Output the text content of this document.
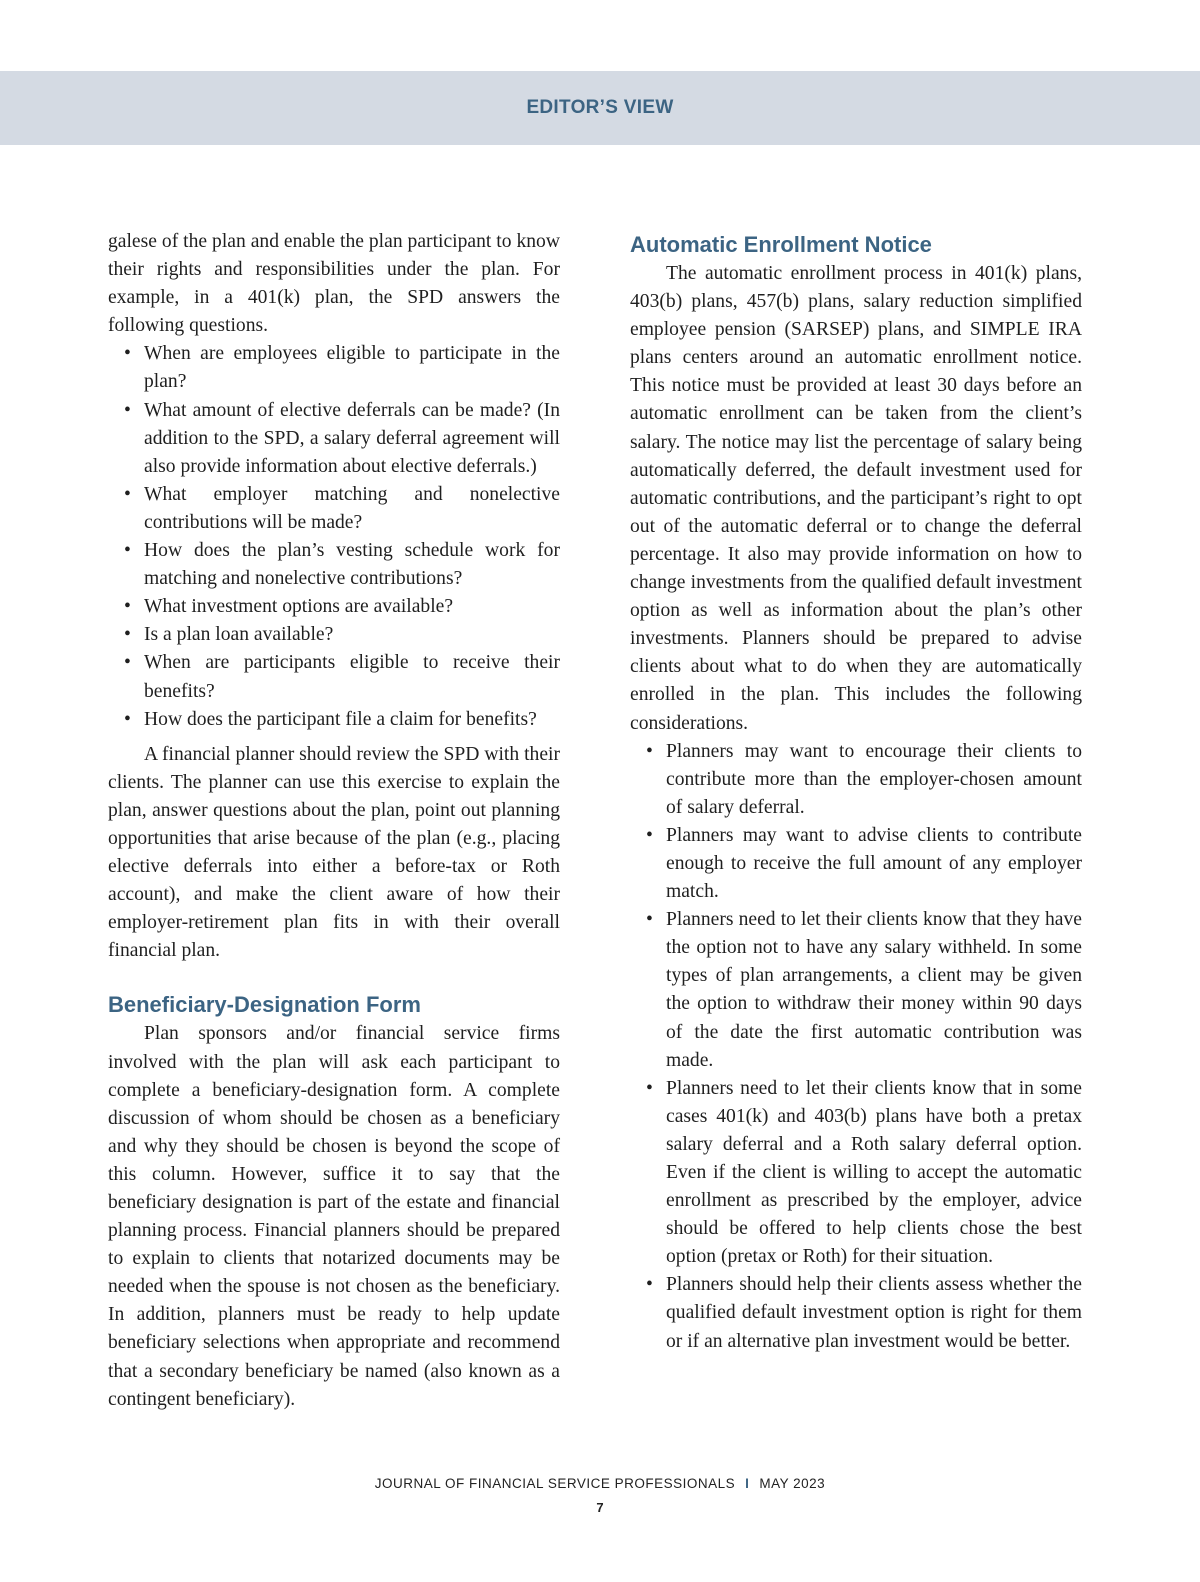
EDITOR’S VIEW

galese of the plan and enable the plan participant to know their rights and responsibilities under the plan. For example, in a 401(k) plan, the SPD answers the following questions.

• When are employees eligible to participate in the plan?
• What amount of elective deferrals can be made? (In addition to the SPD, a salary deferral agreement will also provide information about elective deferrals.)
• What employer matching and nonelective contributions will be made?
• How does the plan’s vesting schedule work for matching and nonelective contributions?
• What investment options are available?
• Is a plan loan available?
• When are participants eligible to receive their benefits?
• How does the participant file a claim for benefits?

A financial planner should review the SPD with their clients. The planner can use this exercise to explain the plan, answer questions about the plan, point out planning opportunities that arise because of the plan (e.g., placing elective deferrals into either a before-tax or Roth account), and make the client aware of how their employer-retirement plan fits in with their overall financial plan.

Beneficiary-Designation Form

Plan sponsors and/or financial service firms involved with the plan will ask each participant to complete a beneficiary-designation form. A complete discussion of whom should be chosen as a beneficiary and why they should be chosen is beyond the scope of this column. However, suffice it to say that the beneficiary designation is part of the estate and financial planning process. Financial planners should be prepared to explain to clients that notarized documents may be needed when the spouse is not chosen as the beneficiary. In addition, planners must be ready to help update beneficiary selections when appropriate and recommend that a secondary beneficiary be named (also known as a contingent beneficiary).

Automatic Enrollment Notice

The automatic enrollment process in 401(k) plans, 403(b) plans, 457(b) plans, salary reduction simplified employee pension (SARSEP) plans, and SIMPLE IRA plans centers around an automatic enrollment notice. This notice must be provided at least 30 days before an automatic enrollment can be taken from the client’s salary. The notice may list the percentage of salary being automatically deferred, the default investment used for automatic contributions, and the participant’s right to opt out of the automatic deferral or to change the deferral percentage. It also may provide information on how to change investments from the qualified default investment option as well as information about the plan’s other investments. Planners should be prepared to advise clients about what to do when they are automatically enrolled in the plan. This includes the following considerations.

• Planners may want to encourage their clients to contribute more than the employer-chosen amount of salary deferral.
• Planners may want to advise clients to contribute enough to receive the full amount of any employer match.
• Planners need to let their clients know that they have the option not to have any salary withheld. In some types of plan arrangements, a client may be given the option to withdraw their money within 90 days of the date the first automatic contribution was made.
• Planners need to let their clients know that in some cases 401(k) and 403(b) plans have both a pretax salary deferral and a Roth salary deferral option. Even if the client is willing to accept the automatic enrollment as prescribed by the employer, advice should be offered to help clients chose the best option (pretax or Roth) for their situation.
• Planners should help their clients assess whether the qualified default investment option is right for them or if an alternative plan investment would be better.
JOURNAL OF FINANCIAL SERVICE PROFESSIONALS I MAY 2023
7
